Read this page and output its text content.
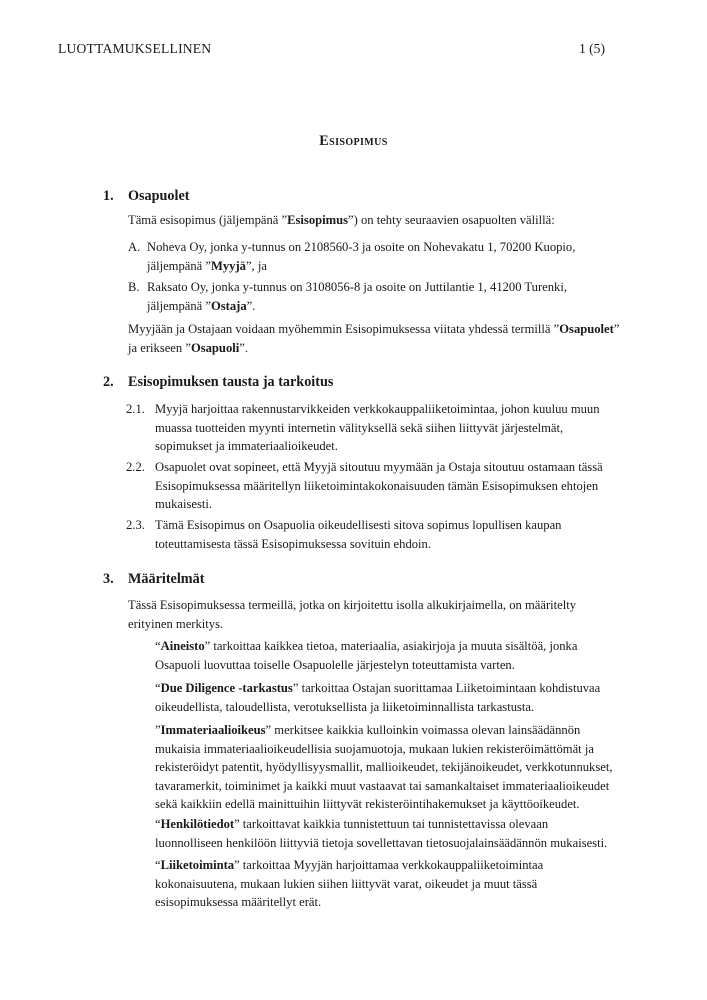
LUOTTAMUKSELLINEN	1 (5)
Esisopimus
1. Osapuolet
Tämä esisopimus (jäljempänä ”Esisopimus”) on tehty seuraavien osapuolten välillä:
A. Noheva Oy, jonka y-tunnus on 2108560-3 ja osoite on Nohevakatu 1, 70200 Kuopio,
jäljempänä ”Myyjä”, ja
B. Raksato Oy, jonka y-tunnus on 3108056-8 ja osoite on Juttilantie 1, 41200 Turenki,
jäljempänä ”Ostaja”.
Myyjään ja Ostajaan voidaan myöhemmin Esisopimuksessa viitata yhdessä termillä ”Osapuolet”
ja erikseen ”Osapuoli”.
2. Esisopimuksen tausta ja tarkoitus
2.1. Myyjä harjoittaa rakennustarvikkeiden verkkokauppaliiketoimintaa, johon kuuluu muun
muassa tuotteiden myynti internetin välityksellä sekä siihen liittyvät järjestelmät,
sopimukset ja immateriaalioikeudet.
2.2. Osapuolet ovat sopineet, että Myyjä sitoutuu myymään ja Ostaja sitoutuu ostamaan tässä
Esisopimuksessa määritellyn liiketoimintakokonaisuuden tämän Esisopimuksen ehtojen
mukaisesti.
2.3. Tämä Esisopimus on Osapuolia oikeudellisesti sitova sopimus lopullisen kaupan
toteuttamisesta tässä Esisopimuksessa sovituin ehdoin.
3. Määritelmät
Tässä Esisopimuksessa termeillä, jotka on kirjoitettu isolla alkukirjaimella, on määritelty
erityinen merkitys.
“Aineisto” tarkoittaa kaikkea tietoa, materiaalia, asiakirjoja ja muuta sisältöä, jonka
Osapuoli luovuttaa toiselle Osapuolelle järjestelyn toteuttamista varten.
“Due Diligence -tarkastus” tarkoittaa Ostajan suorittamaa Liiketoimintaan kohdistuvaa
oikeudellista, taloudellista, verotuksellista ja liiketoiminnallista tarkastusta.
”Immateriaalioikeus” merkitsee kaikkia kulloinkin voimassa olevan lainsäädännön
mukaisia immateriaalioikeudellisia suojamuotoja, mukaan lukien rekisteröimättömät ja
rekisteröidyt patentit, hyödyllisyysmallit, mallioikeudet, tekijänoikeudet, verkkotunnukset,
tavaramerkit, toiminimet ja kaikki muut vastaavat tai samankaltaiset immateriaalioikeudet
sekä kaikkiin edellä mainittuihin liittyvät rekisteröintihakemukset ja käyttöoikeudet.
“Henkilötiedot” tarkoittavat kaikkia tunnistettuun tai tunnistettavissa olevaan
luonnolliseen henkilöön liittyviä tietoja sovellettavan tietosuojalainsäädännön mukaisesti.
“Liiketoiminta” tarkoittaa Myyjän harjoittamaa verkkokauppaliiketoimintaa
kokonaisuutena, mukaan lukien siihen liittyvät varat, oikeudet ja muut tässä
esisopimuksessa määritellyt erät.
